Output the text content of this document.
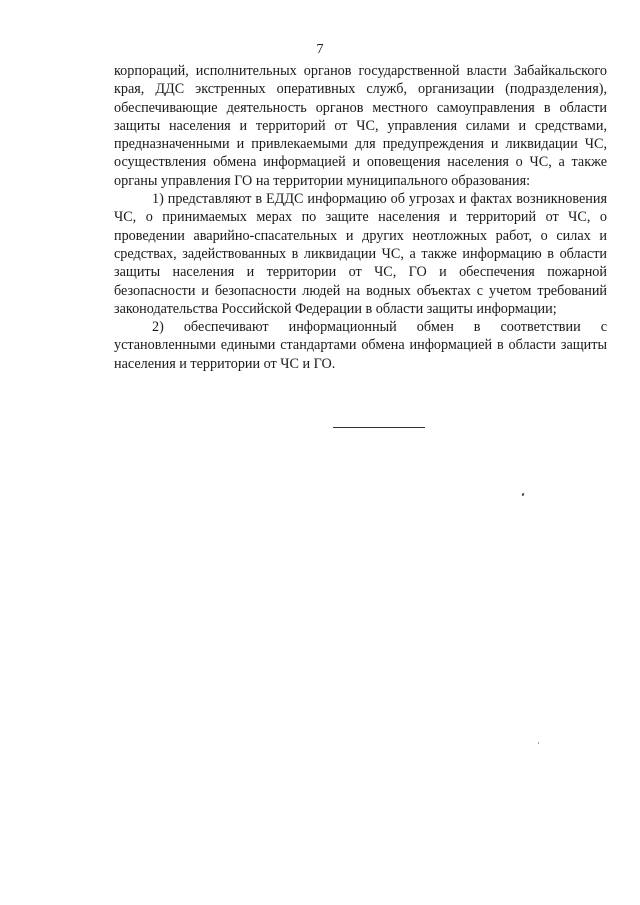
7

корпораций, исполнительных органов государственной власти Забайкальского края, ДДС экстренных оперативных служб, организации (подразделения), обеспечивающие деятельность органов местного самоуправления в области защиты населения и территорий от ЧС, управления силами и средствами, предназначенными и привлекаемыми для предупреждения и ликвидации ЧС, осуществления обмена информацией и оповещения населения о ЧС, а также органы управления ГО на территории муниципального образования:

1) представляют в ЕДДС информацию об угрозах и фактах возникновения ЧС, о принимаемых мерах по защите населения и территорий от ЧС, о проведении аварийно-спасательных и других неотложных работ, о силах и средствах, задействованных в ликвидации ЧС, а также информацию в области защиты населения и территории от ЧС, ГО и обеспечения пожарной безопасности и безопасности людей на водных объектах с учетом требований законодательства Российской Федерации в области защиты информации;

2) обеспечивают информационный обмен в соответствии с установленными едиными стандартами обмена информацией в области защиты населения и территории от ЧС и ГО.
